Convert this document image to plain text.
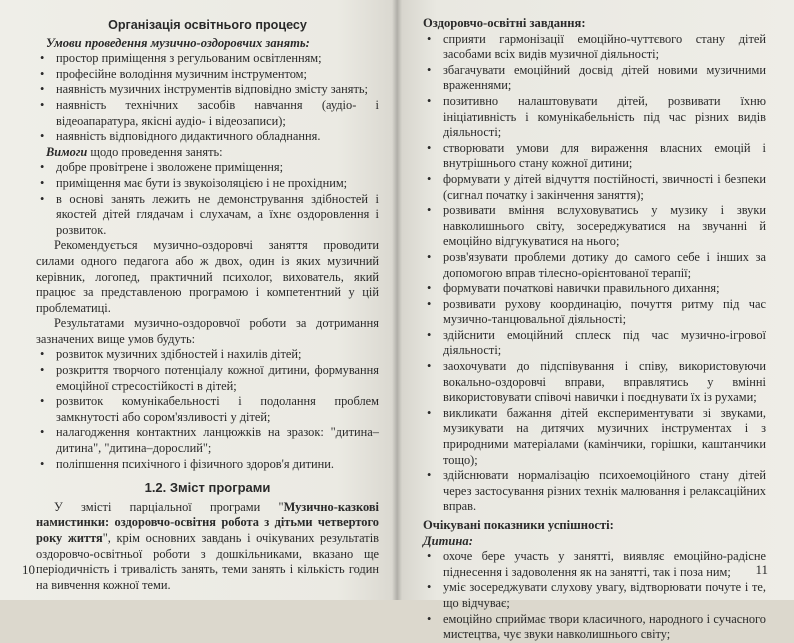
Організація освітнього процесу
Умови проведення музично-оздоровчих занять:
• простор приміщення з регульованим освітленням;
• професійне володіння музичним інструментом;
• наявність музичних інструментів відповідно змісту занять;
• наявність технічних засобів навчання (аудіо- і відеоапаратура, якісні аудіо- і відеозаписи);
• наявність відповідного дидактичного обладнання.
Вимоги щодо проведення занять:
• добре провітрене і зволожене приміщення;
• приміщення має бути із звукоізоляцією і не прохідним;
• в основі занять лежить не демонстрування здібностей і якостей дітей глядачам і слухачам, а їхнє оздоровлення і розвиток.

Рекомендується музично-оздоровчі заняття проводити силами одного педагога або ж двох, один із яких музичний керівник, логопед, практичний психолог, вихователь, який працює за представленою програмою і компетентний у цій проблематиці.

Результатами музично-оздоровчої роботи за дотримання зазначених вище умов будуть:

• розвиток музичних здібностей і нахилів дітей;
• розкриття творчого потенціалу кожної дитини, формування емоційної стресостійкості в дітей;
• розвиток комунікабельності і подолання проблем замкнутості або сором'язливості у дітей;
• налагодження контактних ланцюжків на зразок: "дитина–дитина", "дитина–дорослий";
• поліпшення психічного і фізичного здоров'я дитини.
1.2. Зміст програми

У змісті парціальної програми "Музично-казкові намистинки: оздоровчо-освітня робота з дітьми четвертого року життя", крім основних завдань і очікуваних результатів оздоровчо-освітньої роботи з дошкільниками, вказано ще періодичність і тривалість занять, теми занять і кількість годин на вивчення кожної теми.

10
Оздоровчо-освітні завдання:
• сприяти гармонізації емоційно-чуттєвого стану дітей засобами всіх видів музичної діяльності;
• збагачувати емоційний досвід дітей новими музичними враженнями;
• позитивно налаштовувати дітей, розвивати їхню ініціативність і комунікабельність під час різних видів діяльності;
• створювати умови для вираження власних емоцій і внутрішнього стану кожної дитини;
• формувати у дітей відчуття постійності, звичності і безпеки (сигнал початку і закінчення заняття);
• розвивати вміння вслуховуватись у музику і звуки навколишнього світу, зосереджуватися на звучанні й емоційно відгукуватися на нього;
• розв'язувати проблеми дотику до самого себе і інших за допомогою вправ тілесно-орієнтованої терапії;
• формувати початкові навички правильного дихання;
• розвивати рухову координацію, почуття ритму під час музично-танцювальної діяльності;
• здійснити емоційний сплеск під час музично-ігрової діяльності;
• заохочувати до підспівування і співу, використовуючи вокально-оздоровчі вправи, вправлятись у вмінні використовувати співочі навички і поєднувати їх із рухами;
• викликати бажання дітей експериментувати зі звуками, музикувати на дитячих музичних інструментах і з природними матеріалами (камінчики, горішки, каштанчики тощо);
• здійснювати нормалізацію психоемоційного стану дітей через застосування різних технік малювання і релаксаційних вправ.
Очікувані показники успішності:
Дитина:
• охоче бере участь у занятті, виявляє емоційно-радісне піднесення і задоволення як на занятті, так і поза ним;
• уміє зосереджувати слухову увагу, відтворювати почуте і те, що відчуває;
• емоційно сприймає твори класичного, народного і сучасного мистецтва, чує звуки навколишнього світу;
11
